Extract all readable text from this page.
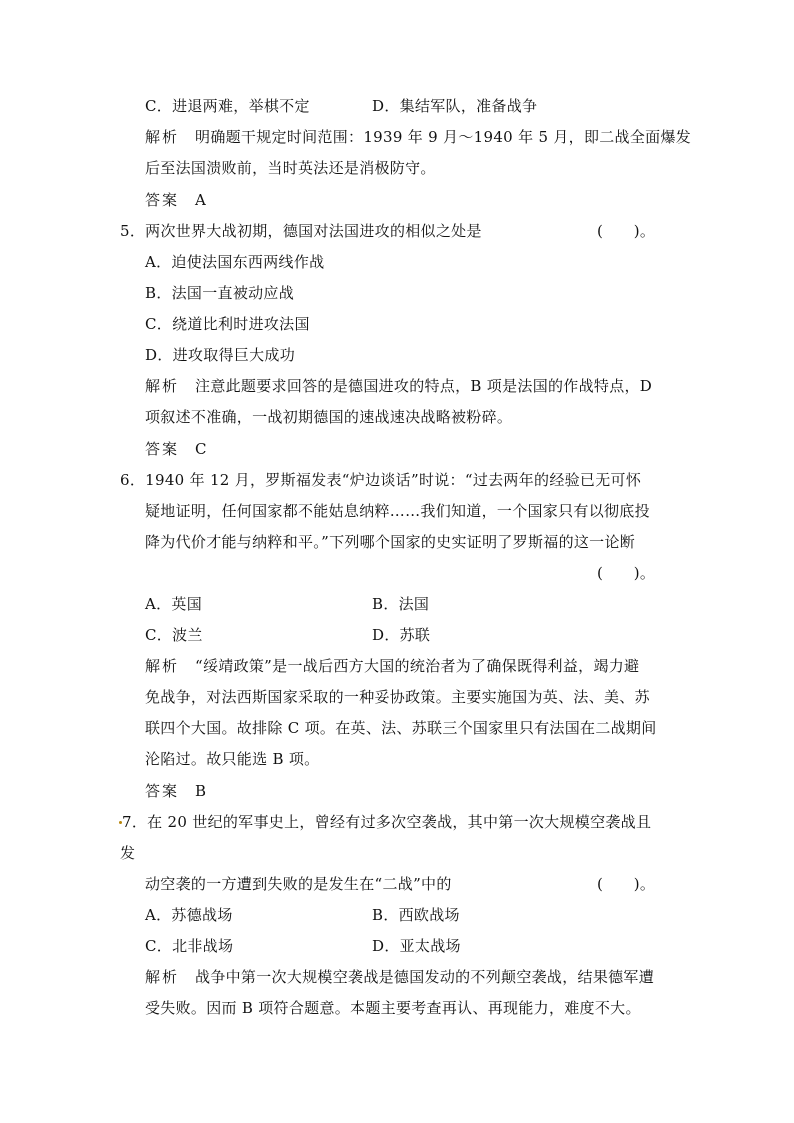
C．进退两难，举棋不定	D．集结军队，准备战争
解析 明确题干规定时间范围：1939 年 9 月～1940 年 5 月，即二战全面爆发
后至法国溃败前，当时英法还是消极防守。
答案 A
5．两次世界大战初期，德国对法国进攻的相似之处是	(　　)。
A．迫使法国东西两线作战
B．法国一直被动应战
C．绕道比利时进攻法国
D．进攻取得巨大成功
解析 注意此题要求回答的是德国进攻的特点，B 项是法国的作战特点，D
项叙述不准确，一战初期德国的速战速决战略被粉碎。
答案 C
6．1940 年 12 月，罗斯福发表“炉边谈话”时说：“过去两年的经验已无可怀
疑地证明，任何国家都不能姑息纳粹……我们知道，一个国家只有以彻底投
降为代价才能与纳粹和平。”下列哪个国家的史实证明了罗斯福的这一论断
(　　)。
A．英国	B．法国
C．波兰	D．苏联
解析 “绥靖政策”是一战后西方大国的统治者为了确保既得利益，竭力避
免战争，对法西斯国家采取的一种妥协政策。主要实施国为英、法、美、苏
联四个大国。故排除 C 项。在英、法、苏联三个国家里只有法国在二战期间
沦陷过。故只能选 B 项。
答案 B
7．在 20 世纪的军事史上，曾经有过多次空袭战，其中第一次大规模空袭战且
发
动空袭的一方遭到失败的是发生在“二战”中的	(　　)。
A．苏德战场	B．西欧战场
C．北非战场	D．亚太战场
解析 战争中第一次大规模空袭战是德国发动的不列颠空袭战，结果德军遭
受失败。因而 B 项符合题意。本题主要考查再认、再现能力，难度不大。
